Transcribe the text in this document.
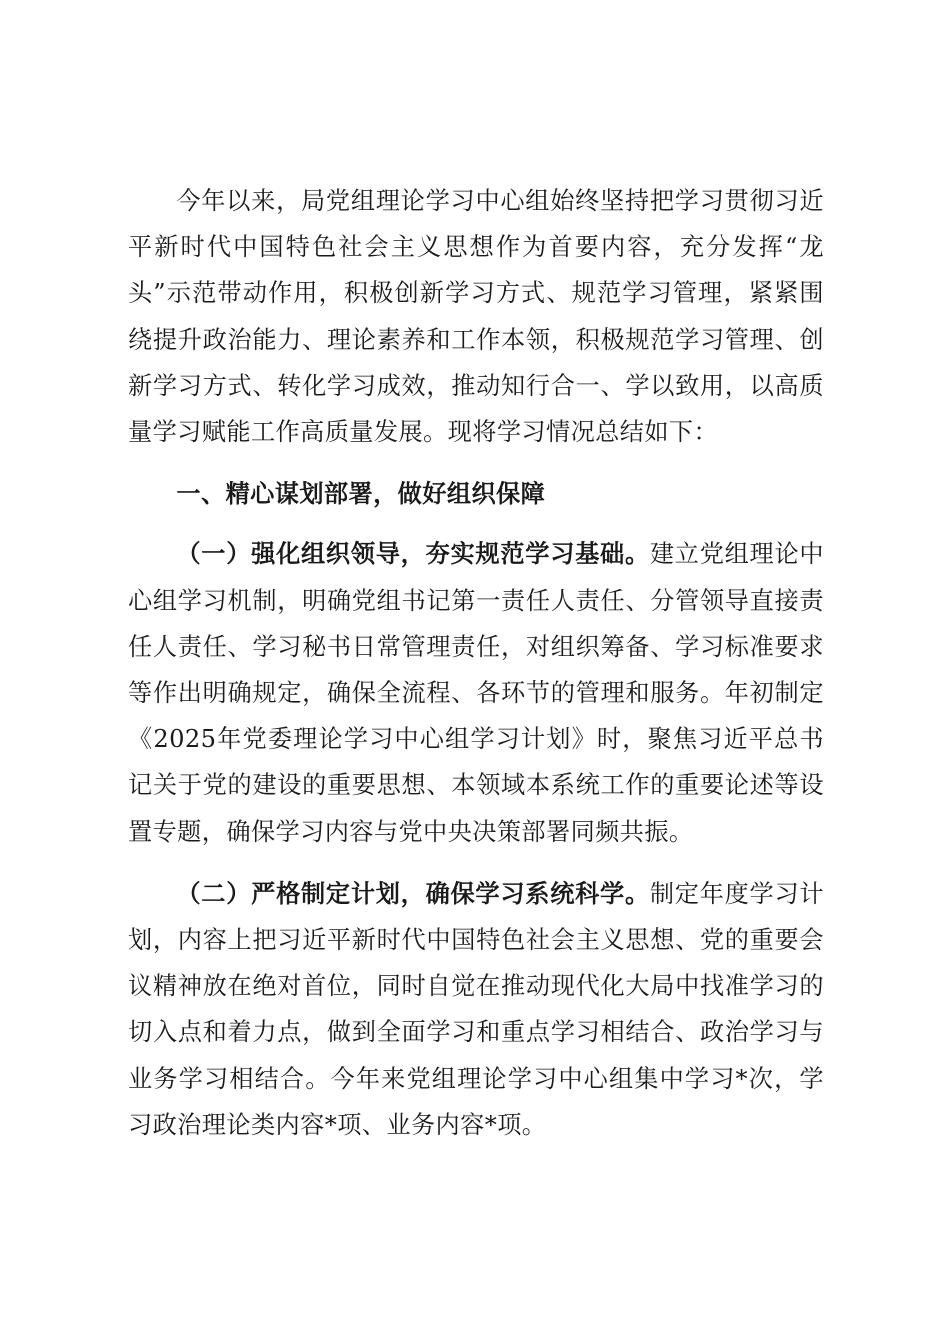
今年以来，局党组理论学习中心组始终坚持把学习贯彻习近平新时代中国特色社会主义思想作为首要内容，充分发挥“龙头”示范带动作用，积极创新学习方式、规范学习管理，紧紧围绕提升政治能力、理论素养和工作本领，积极规范学习管理、创新学习方式、转化学习成效，推动知行合一、学以致用，以高质量学习赋能工作高质量发展。现将学习情况总结如下：

一、精心谋划部署，做好组织保障

（一）强化组织领导，夯实规范学习基础。建立党组理论中心组学习机制，明确党组书记第一责任人责任、分管领导直接责任人责任、学习秘书日常管理责任，对组织筹备、学习标准要求等作出明确规定，确保全流程、各环节的管理和服务。年初制定《2025年党委理论学习中心组学习计划》时，聚焦习近平总书记关于党的建设的重要思想、本领域本系统工作的重要论述等设置专题，确保学习内容与党中央决策部署同频共振。

（二）严格制定计划，确保学习系统科学。制定年度学习计划，内容上把习近平新时代中国特色社会主义思想、党的重要会议精神放在绝对首位，同时自觉在推动现代化大局中找准学习的切入点和着力点，做到全面学习和重点学习相结合、政治学习与业务学习相结合。今年来党组理论学习中心组集中学习*次，学习政治理论类内容*项、业务内容*项。
